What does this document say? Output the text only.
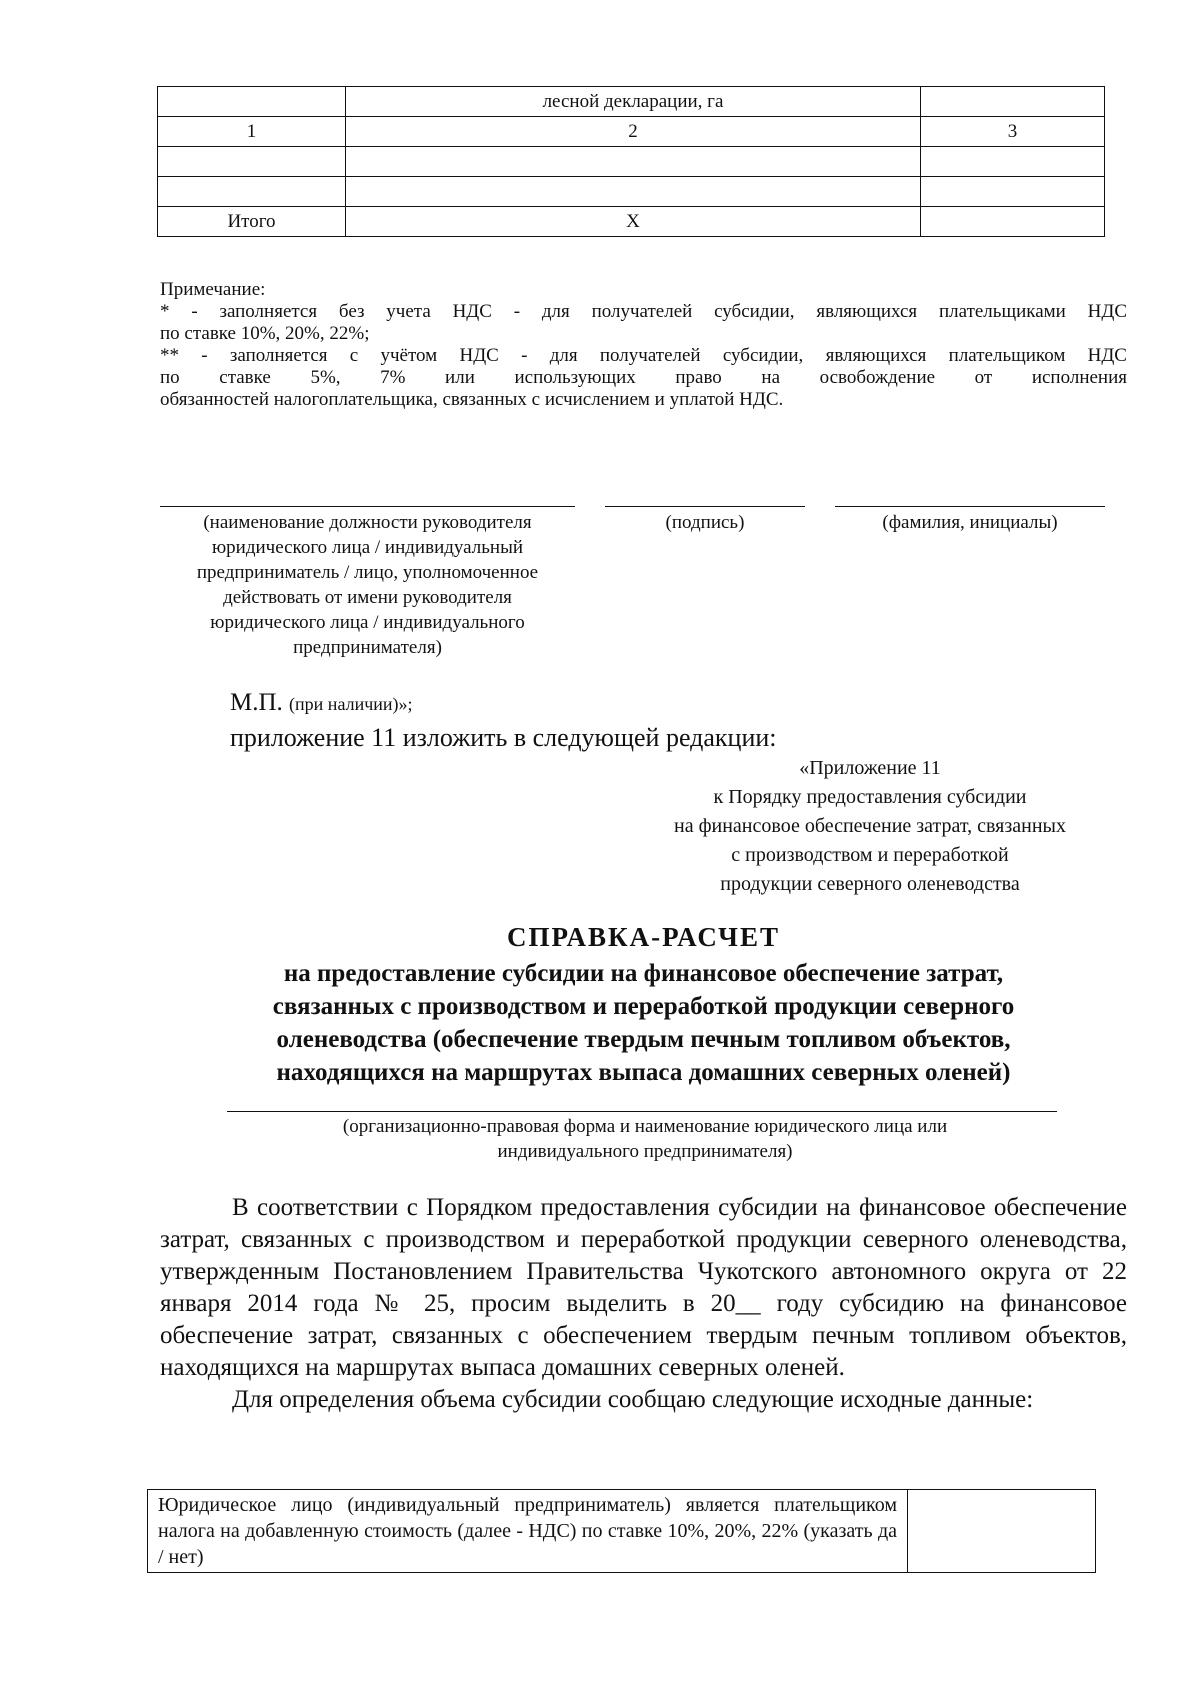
	лесной декларации, га	
1	2	3

Итого	Х	
Примечание:
* - заполняется без учета НДС - для получателей субсидии, являющихся плательщиками НДС
по ставке 10%, 20%, 22%;
** - заполняется с учётом НДС - для получателей субсидии, являющихся плательщиком НДС
по ставке 5%, 7% или использующих право на освобождение от исполнения
обязанностей налогоплательщика, связанных с исчислением и уплатой НДС.
(наименование должности руководителя
юридического лица / индивидуальный
предприниматель / лицо, уполномоченное
действовать от имени руководителя
юридического лица / индивидуального
предпринимателя)
(подпись)	(фамилия, инициалы)
М.П. (при наличии)»;
приложение 11 изложить в следующей редакции:
«Приложение 11
к Порядку предоставления субсидии
на финансовое обеспечение затрат, связанных
с производством и переработкой
продукции северного оленеводства
СПРАВКА-РАСЧЕТ
на предоставление субсидии на финансовое обеспечение затрат,
связанных с производством и переработкой продукции северного
оленеводства (обеспечение твердым печным топливом объектов,
находящихся на маршрутах выпаса домашних северных оленей)
(организационно-правовая форма и наименование юридического лица или
индивидуального предпринимателя)

В соответствии с Порядком предоставления субсидии на финансовое обеспечение затрат, связанных с производством и переработкой продукции северного оленеводства, утвержденным Постановлением Правительства Чукотского автономного округа от 22 января 2014 года № 25, просим выделить в 20__ году субсидию на финансовое обеспечение затрат, связанных с обеспечением твердым печным топливом объектов, находящихся на маршрутах выпаса домашних северных оленей.

Для определения объема субсидии сообщаю следующие исходные данные:

Юридическое лицо (индивидуальный предприниматель) является плательщиком налога на добавленную стоимость (далее - НДС) по ставке 10%, 20%, 22% (указать да / нет)	
